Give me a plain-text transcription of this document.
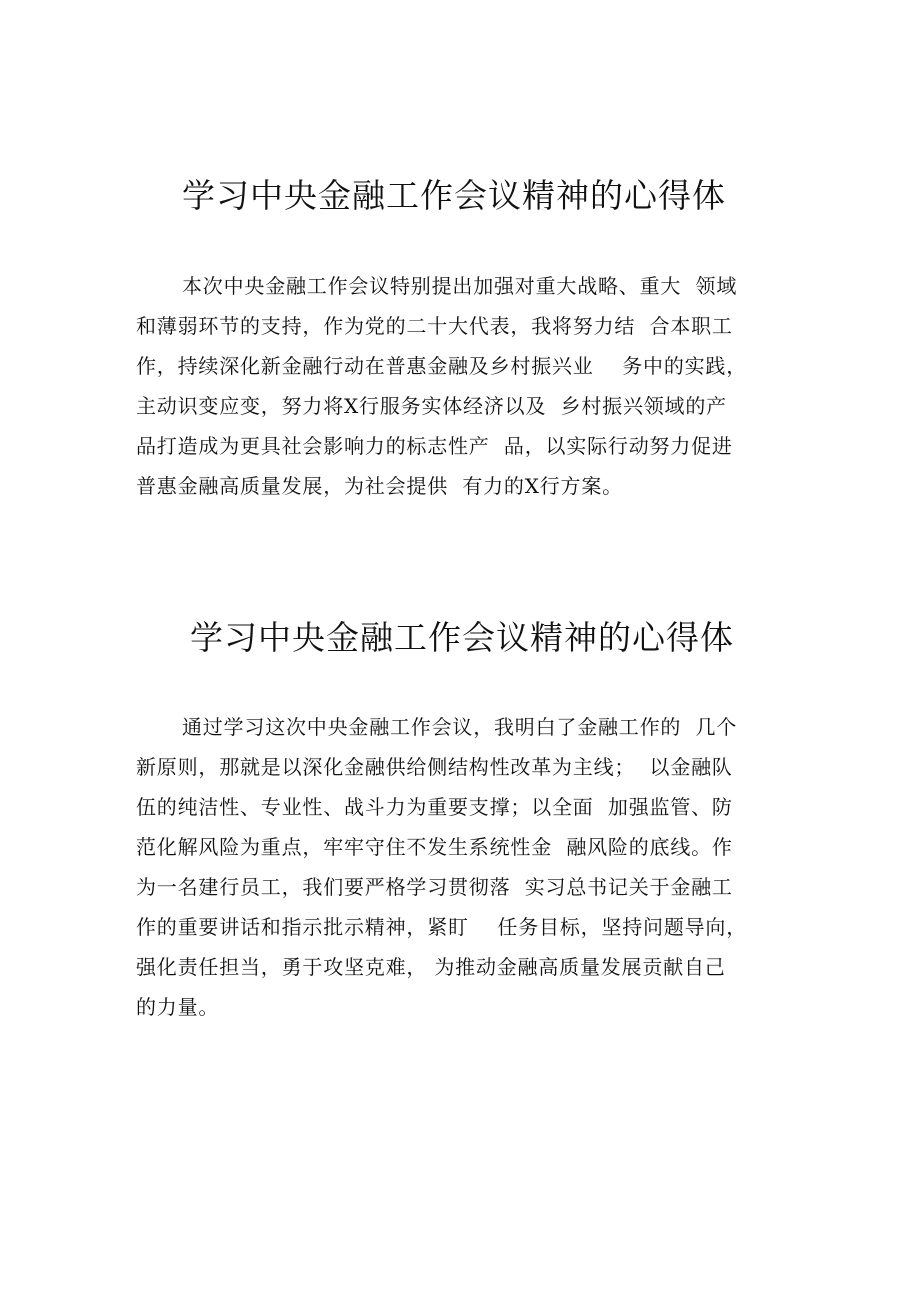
学习中央金融工作会议精神的心得体
本次中央金融工作会议特别提出加强对重大战略、重大  领域
和薄弱环节的支持，作为党的二十大代表，我将努力结  合本职工
作，持续深化新金融行动在普惠金融及乡村振兴业    务中的实践，
主动识变应变，努力将X行服务实体经济以及  乡村振兴领域的产
品打造成为更具社会影响力的标志性产  品，以实际行动努力促进
普惠金融高质量发展，为社会提供  有力的X行方案。
学习中央金融工作会议精神的心得体
通过学习这次中央金融工作会议，我明白了金融工作的  几个
新原则，那就是以深化金融供给侧结构性改革为主线；  以金融队
伍的纯洁性、专业性、战斗力为重要支撑；以全面  加强监管、防
范化解风险为重点，牢牢守住不发生系统性金  融风险的底线。作
为一名建行员工，我们要严格学习贯彻落  实习总书记关于金融工
作的重要讲话和指示批示精神，紧盯    任务目标，坚持问题导向，
强化责任担当，勇于攻坚克难， 为推动金融高质量发展贡献自己
的力量。
